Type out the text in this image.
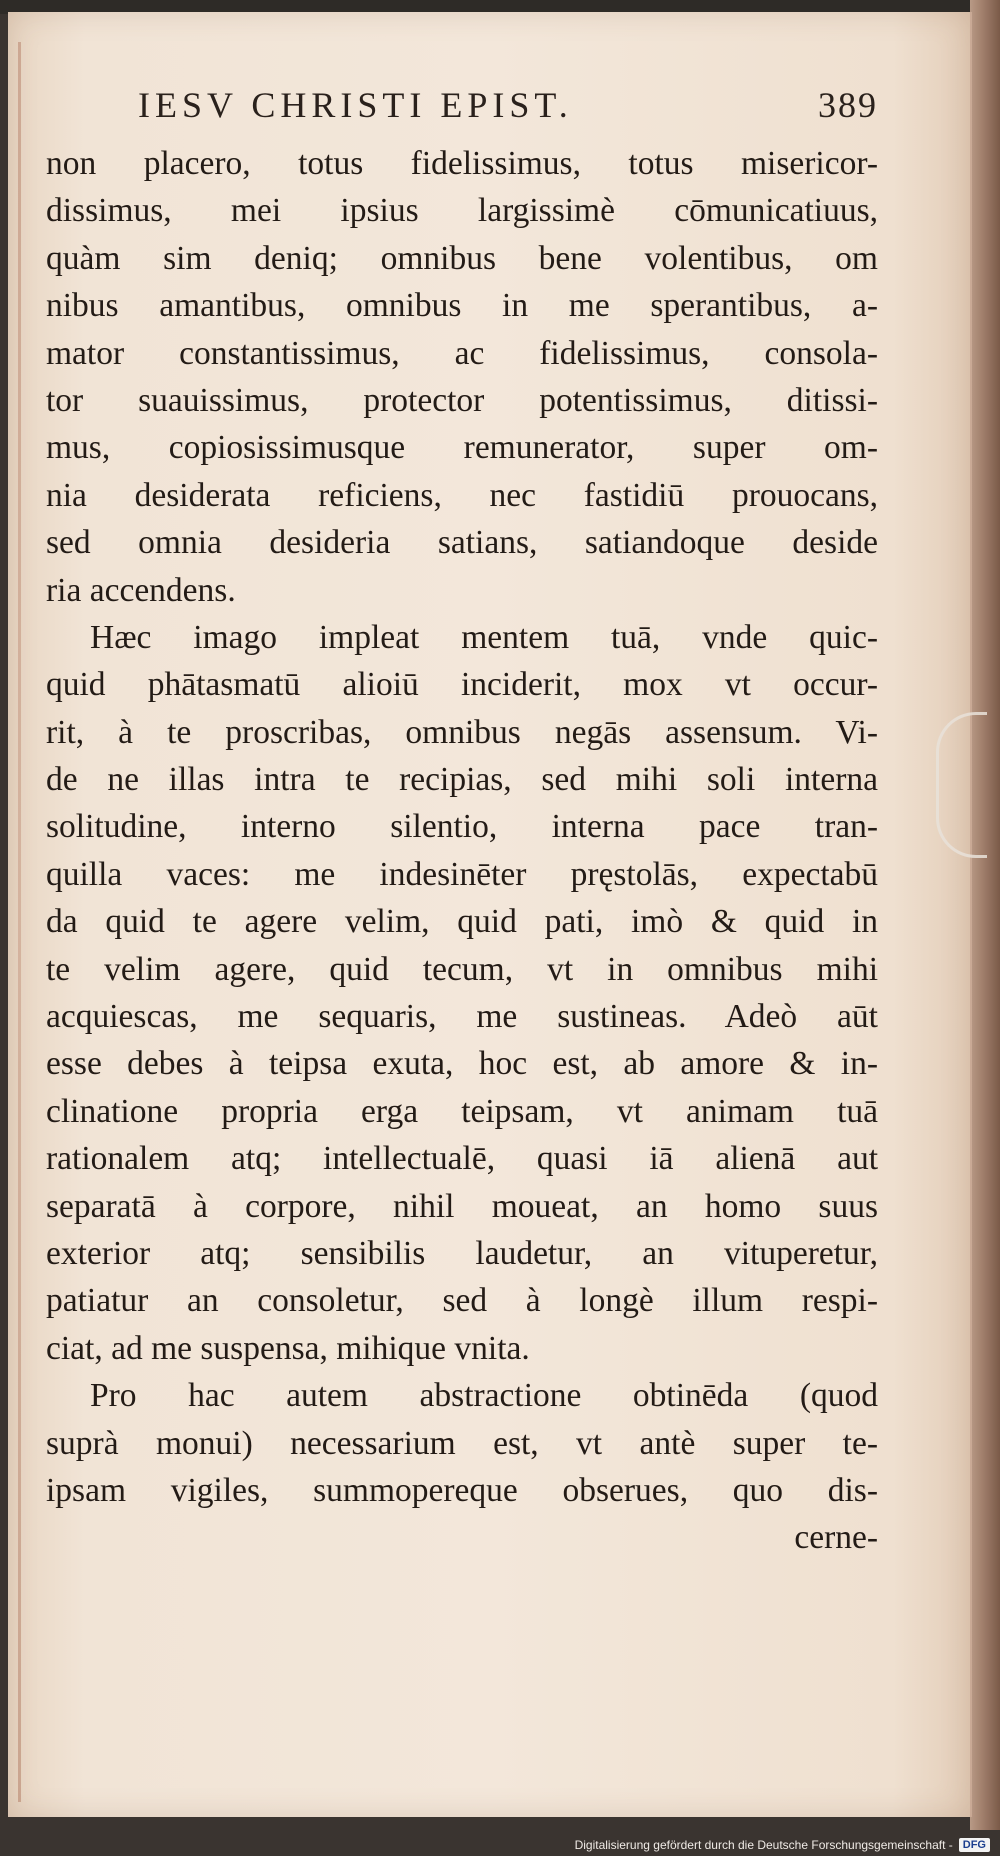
IESV CHRISTI EPIST.	389
non placero, totus fidelissimus, totus misericor-
dissimus, mei ipsius largissimè cōmunicatiuus,
quàm sim deniq; omnibus bene volentibus, om
nibus amantibus, omnibus in me sperantibus, a-
mator constantissimus, ac fidelissimus, consola-
tor suauissimus, protector potentissimus, ditissi-
mus, copiosissimusque remunerator, super om-
nia desiderata reficiens, nec fastidiū prouocans,
sed omnia desideria satians, satiandoque deside
ria accendens.
Hæc imago impleat mentem tuā, vnde quic-
quid phātasmatū alioiū inciderit, mox vt occur-
rit, à te proscribas, omnibus negās assensum. Vi-
de ne illas intra te recipias, sed mihi soli interna
solitudine, interno silentio, interna pace tran-
quilla vaces: me indesinēter pręstolās, expectabū
da quid te agere velim, quid pati, imò & quid in
te velim agere, quid tecum, vt in omnibus mihi
acquiescas, me sequaris, me sustineas. Adeò aūt
esse debes à teipsa exuta, hoc est, ab amore & in-
clinatione propria erga teipsam, vt animam tuā
rationalem atq; intellectualē, quasi iā alienā aut
separatā à corpore, nihil moueat, an homo suus
exterior atq; sensibilis laudetur, an vituperetur,
patiatur an consoletur, sed à longè illum respi-
ciat, ad me suspensa, mihique vnita.
Pro hac autem abstractione obtinēda (quod
suprà monui) necessarium est, vt antè super te-
ipsam vigiles, summopereque obserues, quo dis-
cerne-
Digitalisierung gefördert durch die Deutsche Forschungsgemeinschaft - DFG
